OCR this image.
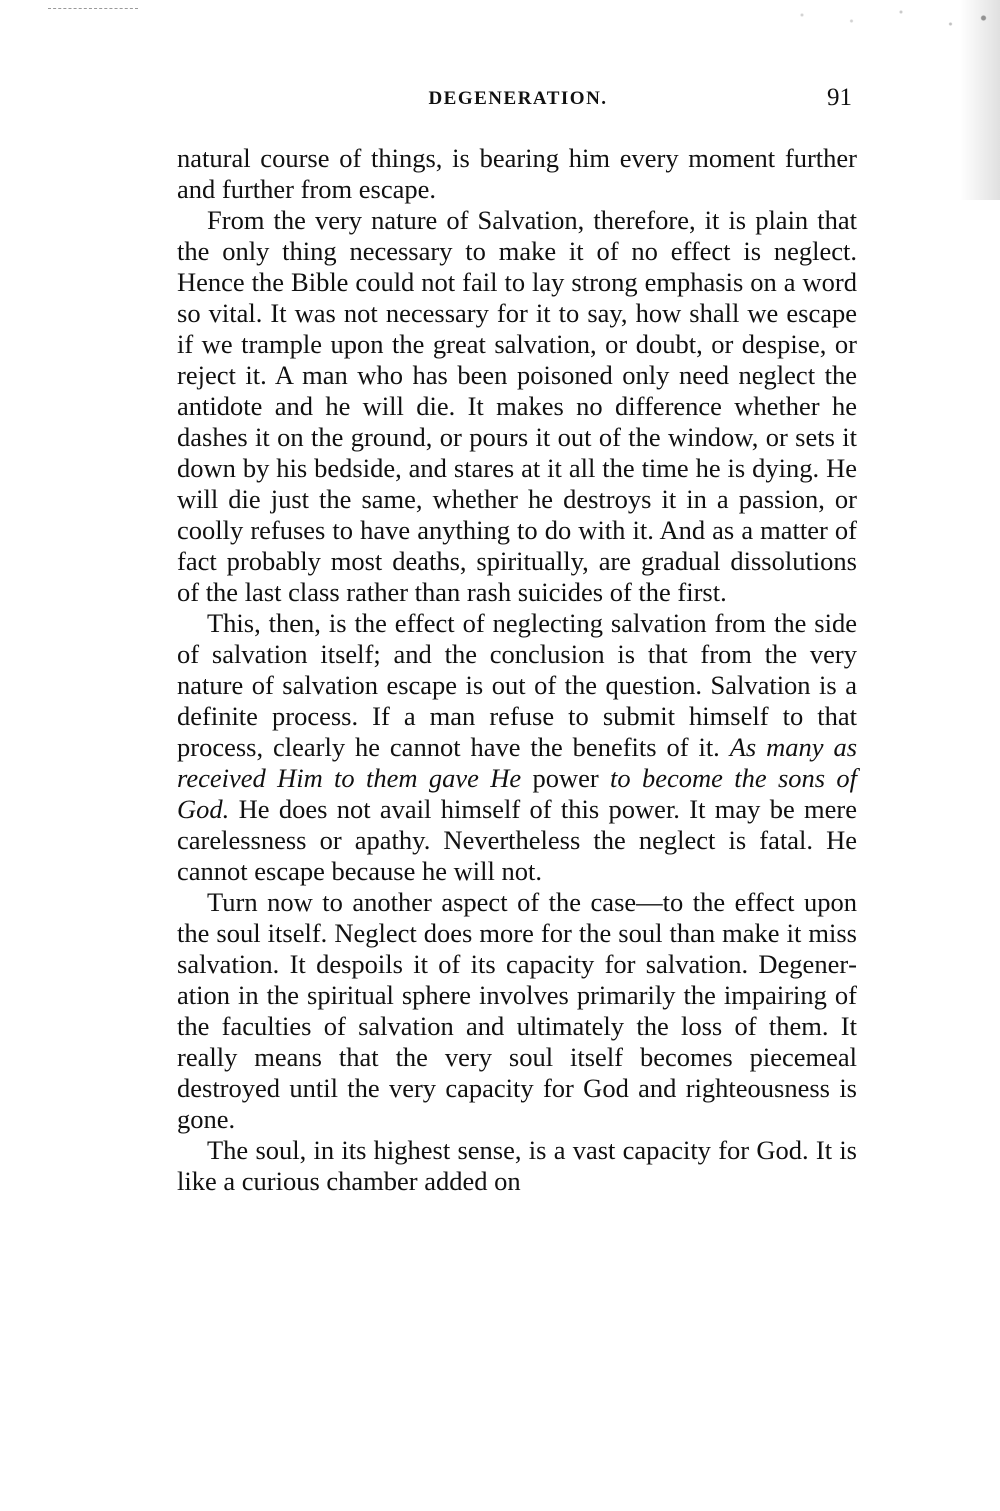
DEGENERATION.	91

natural course of things, is bearing him every moment further and further from escape.

From the very nature of Salvation, therefore, it is plain that the only thing necessary to make it of no effect is neglect. Hence the Bible could not fail to lay strong emphasis on a word so vital. It was not necessary for it to say, how shall we escape if we trample upon the great salvation, or doubt, or despise, or reject it. A man who has been poisoned only need neglect the antidote and he will die. It makes no difference whether he dashes it on the ground, or pours it out of the window, or sets it down by his bedside, and stares at it all the time he is dying. He will die just the same, whether he destroys it in a passion, or coolly refuses to have anything to do with it. And as a matter of fact probably most deaths, spiritually, are gradual dissolutions of the last class rather than rash suicides of the first.

This, then, is the effect of neglecting salvation from the side of salvation itself; and the conclusion is that from the very nature of salvation escape is out of the question. Salvation is a definite process. If a man refuse to submit himself to that process, clearly he cannot have the benefits of it. As many as received Him to them gave He power to become the sons of God. He does not avail himself of this power. It may be mere carelessness or apathy. Nevertheless the neglect is fatal. He cannot escape because he will not.

Turn now to another aspect of the case—to the effect upon the soul itself. Neglect does more for the soul than make it miss salvation. It despoils it of its capacity for salvation. Degeneration in the spiritual sphere involves primarily the impairing of the faculties of salvation and ultimately the loss of them. It really means that the very soul itself becomes piecemeal destroyed until the very capacity for God and righteousness is gone.

The soul, in its highest sense, is a vast capacity for God. It is like a curious chamber added on
